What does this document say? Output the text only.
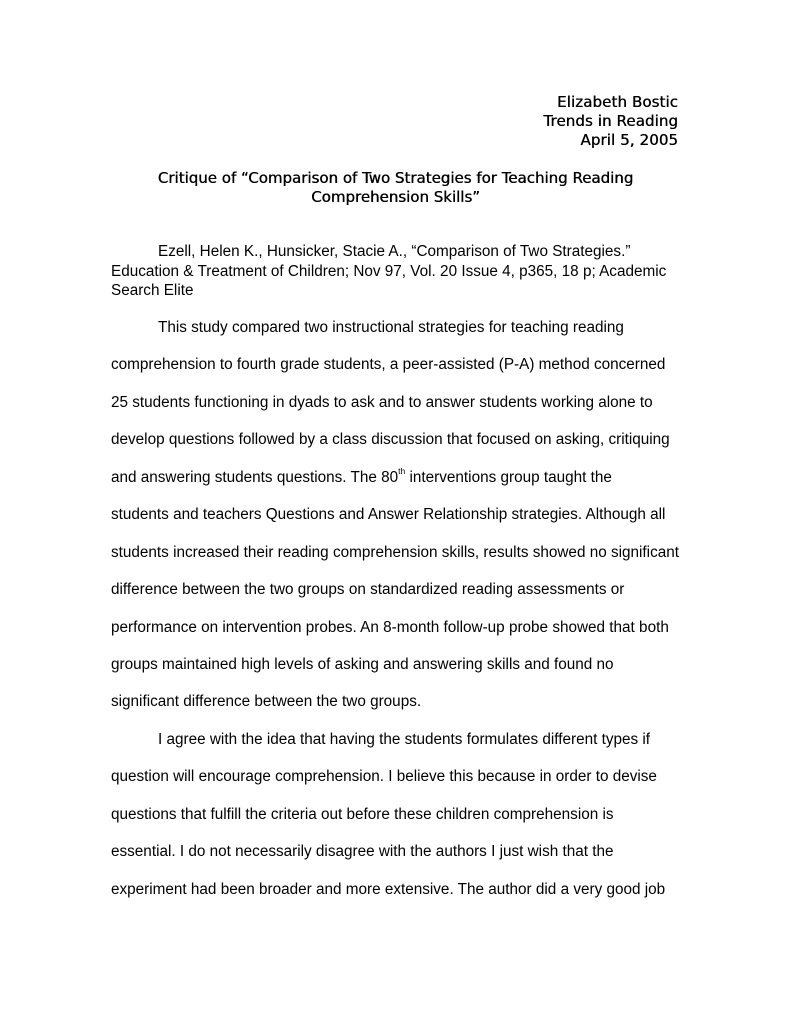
Elizabeth Bostic
Trends in Reading
April 5, 2005
Critique of “Comparison of Two Strategies for Teaching Reading
Comprehension Skills”
Ezell, Helen K., Hunsicker, Stacie A., “Comparison of Two Strategies.” Education & Treatment of Children; Nov 97, Vol. 20 Issue 4, p365, 18 p; Academic Search Elite
This study compared two instructional strategies for teaching reading
comprehension to fourth grade students, a peer-assisted (P-A) method concerned
25 students functioning in dyads to ask and to answer students working alone to
develop questions followed by a class discussion that focused on asking, critiquing
and answering students questions. The 80th interventions group taught the
students and teachers Questions and Answer Relationship strategies. Although all
students increased their reading comprehension skills, results showed no significant
difference between the two groups on standardized reading assessments or
performance on intervention probes. An 8-month follow-up probe showed that both
groups maintained high levels of asking and answering skills and found no
significant difference between the two groups.
I agree with the idea that having the students formulates different types if
question will encourage comprehension. I believe this because in order to devise
questions that fulfill the criteria out before these children comprehension is
essential. I do not necessarily disagree with the authors I just wish that the
experiment had been broader and more extensive. The author did a very good job
